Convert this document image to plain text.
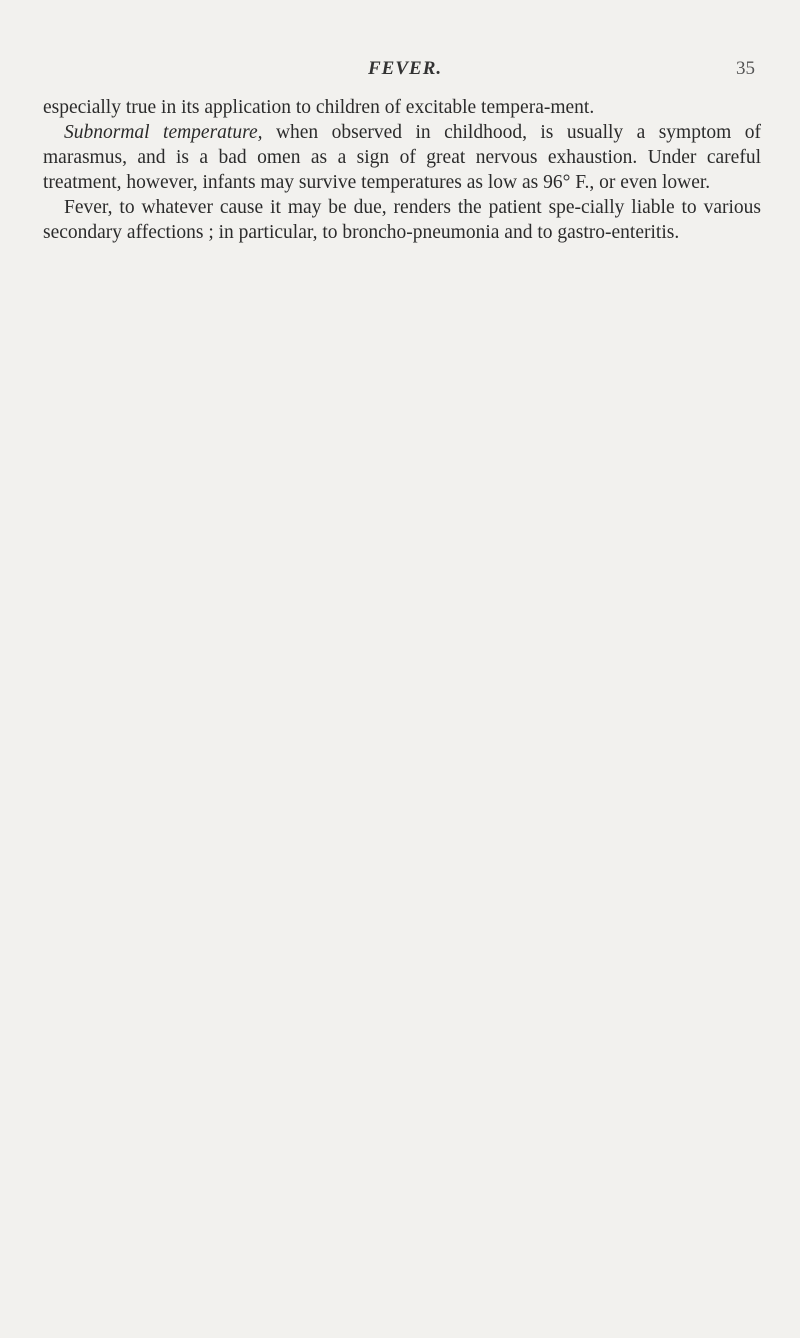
FEVER.	35

especially true in its application to children of excitable tempera-ment.

Subnormal temperature, when observed in childhood, is usually a symptom of marasmus, and is a bad omen as a sign of great nervous exhaustion. Under careful treatment, however, infants may survive temperatures as low as 96° F., or even lower.

Fever, to whatever cause it may be due, renders the patient spe-cially liable to various secondary affections ; in particular, to broncho-pneumonia and to gastro-enteritis.
